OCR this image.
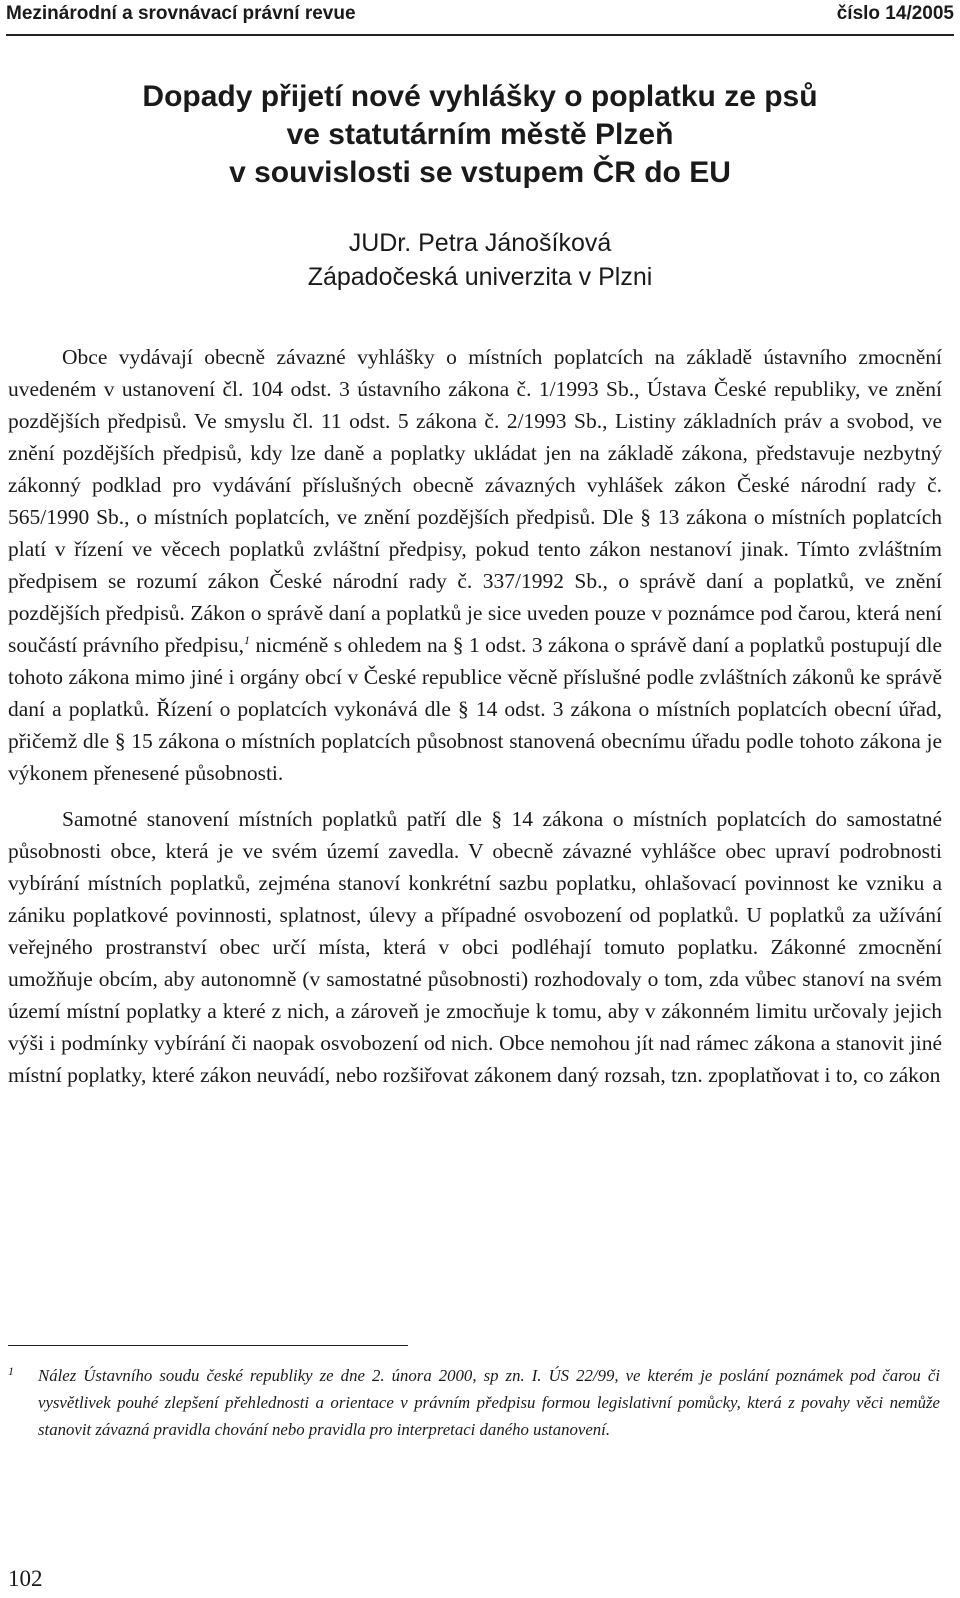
Mezinárodní a srovnávací právní revue	číslo 14/2005
Dopady přijetí nové vyhlášky o poplatku ze psů
ve statutárním městě Plzeň
v souvislosti se vstupem ČR do EU
JUDr. Petra Jánošíková
Západočeská univerzita v Plzni

Obce vydávají obecně závazné vyhlášky o místních poplatcích na základě ústavního zmocnění uvedeném v ustanovení čl. 104 odst. 3 ústavního zákona č. 1/1993 Sb., Ústava České republiky, ve znění pozdějších předpisů. Ve smyslu čl. 11 odst. 5 zákona č. 2/1993 Sb., Listiny základních práv a svobod, ve znění pozdějších předpisů, kdy lze daně a poplatky ukládat jen na základě zákona, představuje nezbytný zákonný podklad pro vydávání příslušných obecně závazných vyhlášek zákon České národní rady č. 565/1990 Sb., o místních poplatcích, ve znění pozdějších předpisů. Dle § 13 zákona o místních poplatcích platí v řízení ve věcech poplatků zvláštní předpisy, pokud tento zákon nestanoví jinak. Tímto zvláštním předpisem se rozumí zákon České národní rady č. 337/1992 Sb., o správě daní a poplatků, ve znění pozdějších předpisů. Zákon o správě daní a poplatků je sice uveden pouze v poznámce pod čarou, která není součástí právního předpisu,$^1$ nicméně s ohledem na § 1 odst. 3 zákona o správě daní a poplatků postupují dle tohoto zákona mimo jiné i orgány obcí v České republice věcně příslušné podle zvláštních zákonů ke správě daní a poplatků. Řízení o poplatcích vykonává dle § 14 odst. 3 zákona o místních poplatcích obecní úřad, přičemž dle § 15 zákona o místních poplatcích působnost stanovená obecnímu úřadu podle tohoto zákona je výkonem přenesené působnosti.

Samotné stanovení místních poplatků patří dle § 14 zákona o místních poplatcích do samostatné působnosti obce, která je ve svém území zavedla. V obecně závazné vyhlášce obec upraví podrobnosti vybírání místních poplatků, zejména stanoví konkrétní sazbu poplatku, ohlašovací povinnost ke vzniku a zániku poplatkové povinnosti, splatnost, úlevy a případné osvobození od poplatků. U poplatků za užívání veřejného prostranství obec určí místa, která v obci podléhají tomuto poplatku. Zákonné zmocnění umožňuje obcím, aby autonomně (v samostatné působnosti) rozhodovaly o tom, zda vůbec stanoví na svém území místní poplatky a které z nich, a zároveň je zmocňuje k tomu, aby v zákonném limitu určovaly jejich výši i podmínky vybírání či naopak osvobození od nich. Obce nemohou jít nad rámec zákona a stanovit jiné místní poplatky, které zákon neuvádí, nebo rozšiřovat zákonem daný rozsah, tzn. zpoplatňovat i to, co zákon

1 Nález Ústavního soudu české republiky ze dne 2. února 2000, sp zn. I. ÚS 22/99, ve kterém je poslání poznámek pod čarou či vysvětlivek pouhé zlepšení přehlednosti a orientace v právním předpisu formou legislativní pomůcky, která z povahy věci nemůže stanovit závazná pravidla chování nebo pravidla pro interpretaci daného ustanovení.
102
